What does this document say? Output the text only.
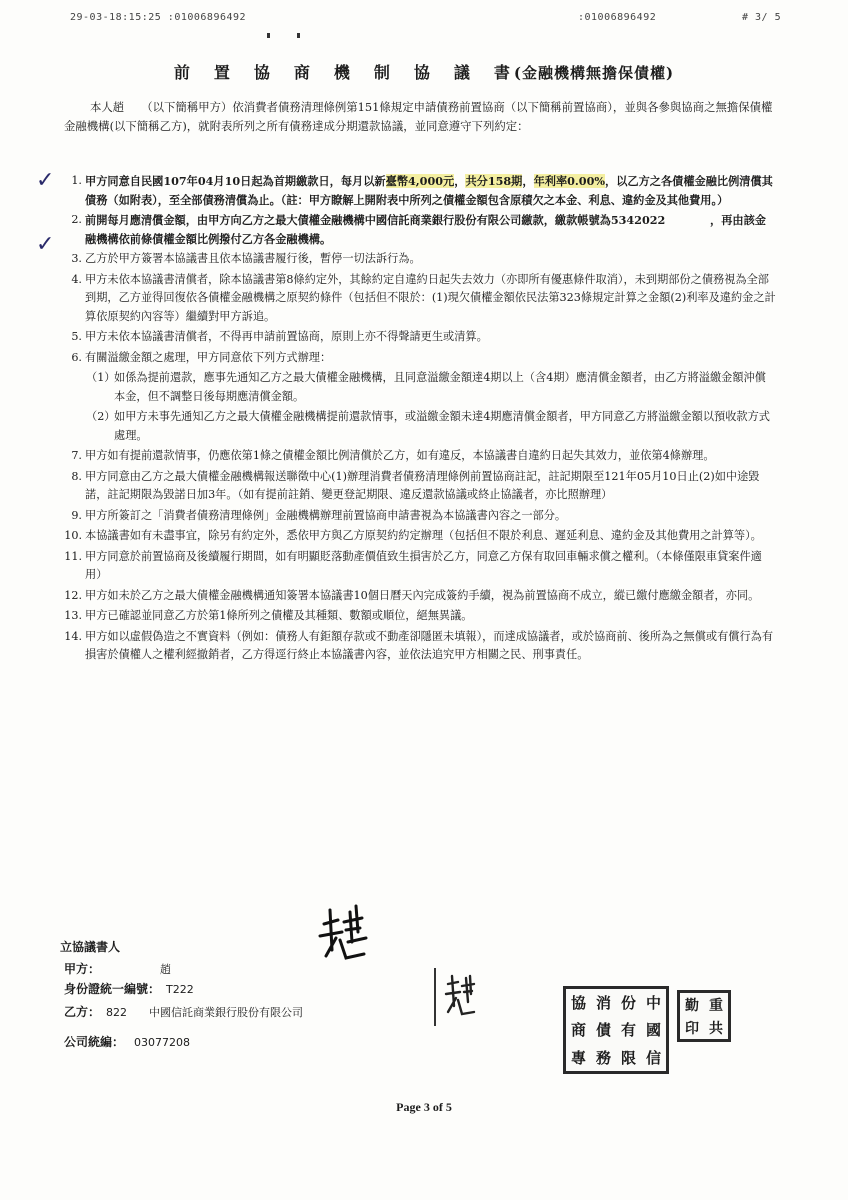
29-03-18:15:25 :01006896492	:01006896492	# 3/ 5
前　置　協　商　機　制　協　議　書(金融機構無擔保債權)
本人趙　　（以下簡稱甲方）依消費者債務清理條例第151條規定申請債務前置協商（以下簡稱前置協商），並與各參與協商之無擔保債權金融機構(以下簡稱乙方)，就附表所列之所有債務達成分期還款協議，並同意遵守下列約定：
✓
✓
1. 甲方同意自民國107年04月10日起為首期繳款日，每月以新臺幣4,000元，共分158期，年利率0.00%，以乙方之各債權金融比例清償其債務（如附表），至全部債務清償為止。（註：甲方瞭解上開附表中所列之債權金額包含原積欠之本金、利息、違約金及其他費用。）
2. 前開每月應清償金額，由甲方向乙方之最大債權金融機構中國信託商業銀行股份有限公司繳款，繳款帳號為5342022　　　　，再由該金融機構依前條債權金額比例撥付乙方各金融機構。
3. 乙方於甲方簽署本協議書且依本協議書履行後，暫停一切法訴行為。
4. 甲方未依本協議書清償者，除本協議書第8條約定外，其餘約定自違約日起失去效力（亦即所有優惠條件取消），未到期部份之債務視為全部到期，乙方並得回復依各債權金融機構之原契約條件（包括但不限於：(1)現欠債權金額依民法第323條規定計算之金額(2)利率及違約金之計算依原契約內容等）繼續對甲方訴追。
5. 甲方未依本協議書清償者，不得再申請前置協商，原則上亦不得聲請更生或清算。
6. 有關溢繳金額之處理，甲方同意依下列方式辦理：
（1）
如係為提前還款，應事先通知乙方之最大債權金融機構，且同意溢繳金額達4期以上（含4期）應清償金額者，由乙方將溢繳金額沖償本金，但不調整日後每期應清償金額。
（2）
如甲方未事先通知乙方之最大債權金融機構提前還款情事，或溢繳金額未達4期應清償金額者，甲方同意乙方將溢繳金額以預收款方式處理。
7. 甲方如有提前還款情事，仍應依第1條之債權金額比例清償於乙方，如有違反，本協議書自違約日起失其效力，並依第4條辦理。
8. 甲方同意由乙方之最大債權金融機構報送聯徵中心(1)辦理消費者債務清理條例前置協商註記，註記期限至121年05月10日止(2)如中途毀諾，註記期限為毀諾日加3年。（如有提前註銷、變更登記期限、違反還款協議或終止協議者，亦比照辦理）
9. 甲方所簽訂之「消費者債務清理條例」金融機構辦理前置協商申請書視為本協議書內容之一部分。
10. 本協議書如有未盡事宜，除另有約定外，悉依甲方與乙方原契約約定辦理（包括但不限於利息、遲延利息、違約金及其他費用之計算等）。
11. 甲方同意於前置協商及後續履行期間，如有明顯貶落動產價值致生損害於乙方，同意乙方保有取回車輛求償之權利。（本條僅限車貸案件適用）
12. 甲方如未於乙方之最大債權金融機構通知簽署本協議書10個日曆天內完成簽約手續，視為前置協商不成立，縱已繳付應繳金額者，亦同。
13. 甲方已確認並同意乙方於第1條所列之債權及其種類、數額或順位，絕無異議。
14. 甲方如以虛假偽造之不實資料（例如：債務人有鉅額存款或不動產卻隱匿未填報），而達成協議者，或於協商前、後所為之無償或有償行為有損害於債權人之權利經撤銷者，乙方得逕行終止本協議書內容，並依法追究甲方相關之民、刑事責任。
立協議書人
甲方：	趙
身份證統一編號： T222
乙方： 822　　中國信託商業銀行股份有限公司
公司統編： 03077208
協 消 份 中
商 債 有 國
專 務 限 信
勤 重
印 共
Page 3 of 5
